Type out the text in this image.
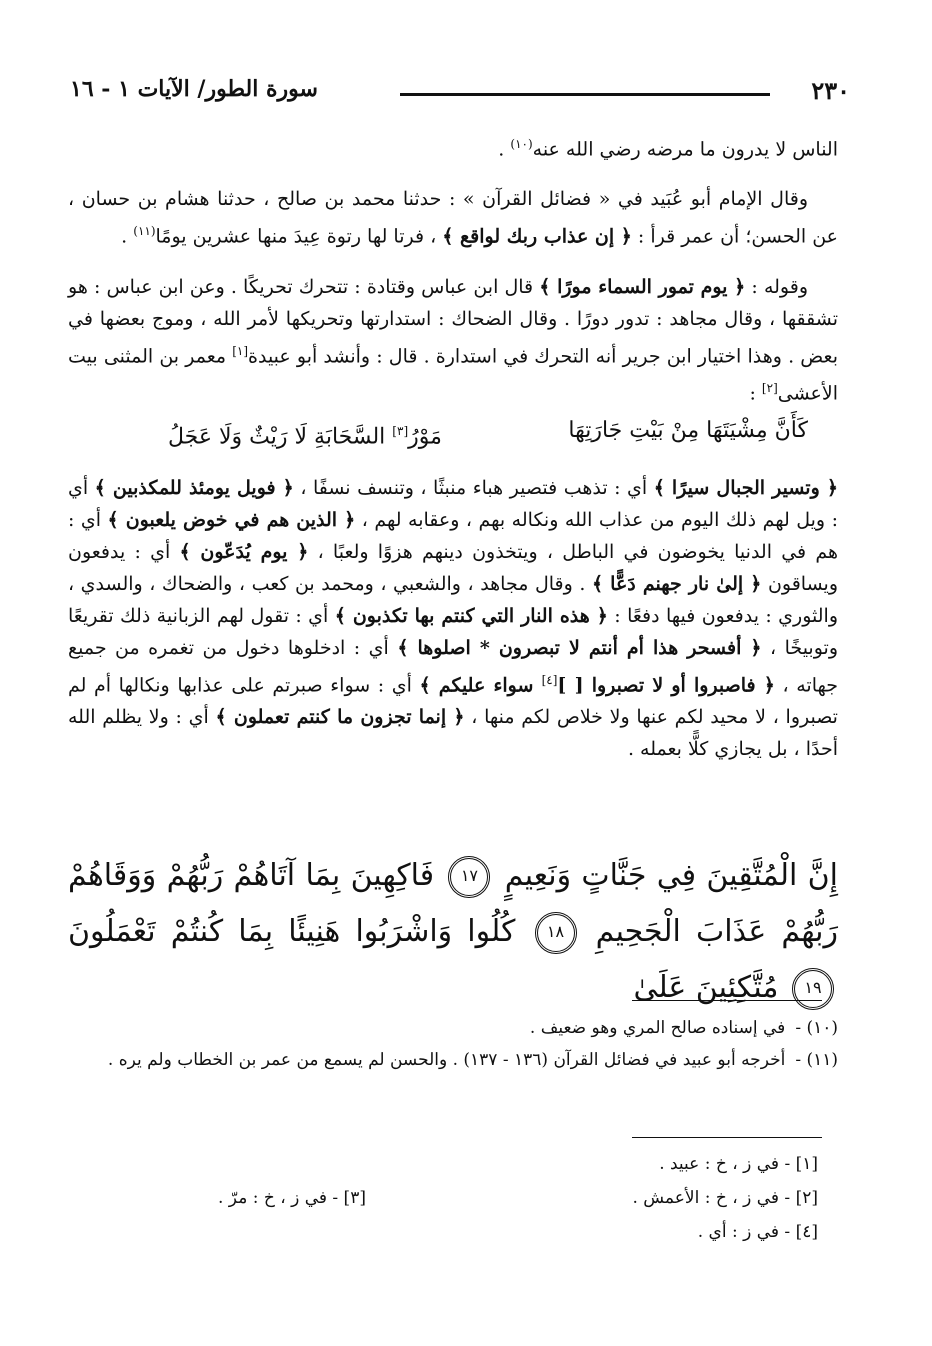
٢٣٠
سورة الطور/ الآيات ١ - ١٦

الناس لا يدرون ما مرضه رضي الله عنه$^{(١٠)}$ .

وقال الإمام أبو عُبَيد في « فضائل القرآن » : حدثنا محمد بن صالح ، حدثنا هشام بن حسان ، عن الحسن؛ أن عمر قرأ : ﴿ إن عذاب ربك لواقع ﴾ ، فرتا لها رتوة عِيدَ منها عشرين يومًا$^{(١١)}$ .

وقوله : ﴿ يوم تمور السماء مورًا ﴾ قال ابن عباس وقتادة : تتحرك تحريكًا . وعن ابن عباس : هو تشققها ، وقال مجاهد : تدور دورًا . وقال الضحاك : استدارتها وتحريكها لأمر الله ، وموج بعضها في بعض . وهذا اختيار ابن جرير أنه التحرك في استدارة . قال : وأنشد أبو عبيدة[١] معمر بن المثنى بيت الأعشى[٢] :

كَأَنَّ مِشْيَتَهَا مِنْ بَيْتِ جَارَتِهَا
مَوْرُ[٣] السَّحَابَةِ لَا رَيْثٌ وَلَا عَجَلُ

﴿ وتسير الجبال سيرًا ﴾ أي : تذهب فتصير هباء منبثًا ، وتنسف نسفًا ، ﴿ فويل يومئذ للمكذبين ﴾ أي : ويل لهم ذلك اليوم من عذاب الله ونكاله بهم ، وعقابه لهم ، ﴿ الذين هم في خوض يلعبون ﴾ أي : هم في الدنيا يخوضون في الباطل ، ويتخذون دينهم هزوًا ولعبًا ، ﴿ يوم يُدَعّون ﴾ أي : يدفعون ويساقون ﴿ إلىٰ نار جهنم دَعًّا ﴾ . وقال مجاهد ، والشعبي ، ومحمد بن كعب ، والضحاك ، والسدي ، والثوري : يدفعون فيها دفعًا : ﴿ هذه النار التي كنتم بها تكذبون ﴾ أي : تقول لهم الزبانية ذلك تقريعًا وتوبيخًا ، ﴿ أفسحر هذا أم أنتم لا تبصرون * اصلوها ﴾ أي : ادخلوها دخول من تغمره من جميع جهاته ، ﴿ فاصبروا أو لا تصبروا [ ][٤] سواء عليكم ﴾ أي : سواء صبرتم على عذابها ونكالها أم لم تصبروا ، لا محيد لكم عنها ولا خلاص لكم منها ، ﴿ إنما تجزون ما كنتم تعملون ﴾ أي : ولا يظلم الله أحدًا ، بل يجازي كلًّا بعمله .

إِنَّ الْمُتَّقِينَ فِي جَنَّاتٍ وَنَعِيمٍ ١٧ فَاكِهِينَ بِمَا آتَاهُمْ رَبُّهُمْ وَوَقَاهُمْ رَبُّهُمْ عَذَابَ الْجَحِيمِ ١٨ كُلُوا وَاشْرَبُوا هَنِيئًا بِمَا كُنتُمْ تَعْمَلُونَ ١٩ مُتَّكِئِينَ عَلَىٰ

(١٠) -في إسناده صالح المري وهو ضعيف .

(١١) -أخرجه أبو عبيد في فضائل القرآن (١٣٦ - ١٣٧) . والحسن لم يسمع من عمر بن الخطاب ولم يره .

[١] - في ز ، خ : عبيد .
[٢] - في ز ، خ : الأعمش .
[٣] - في ز ، خ : مرّ .
[٤] - في ز : أي .
